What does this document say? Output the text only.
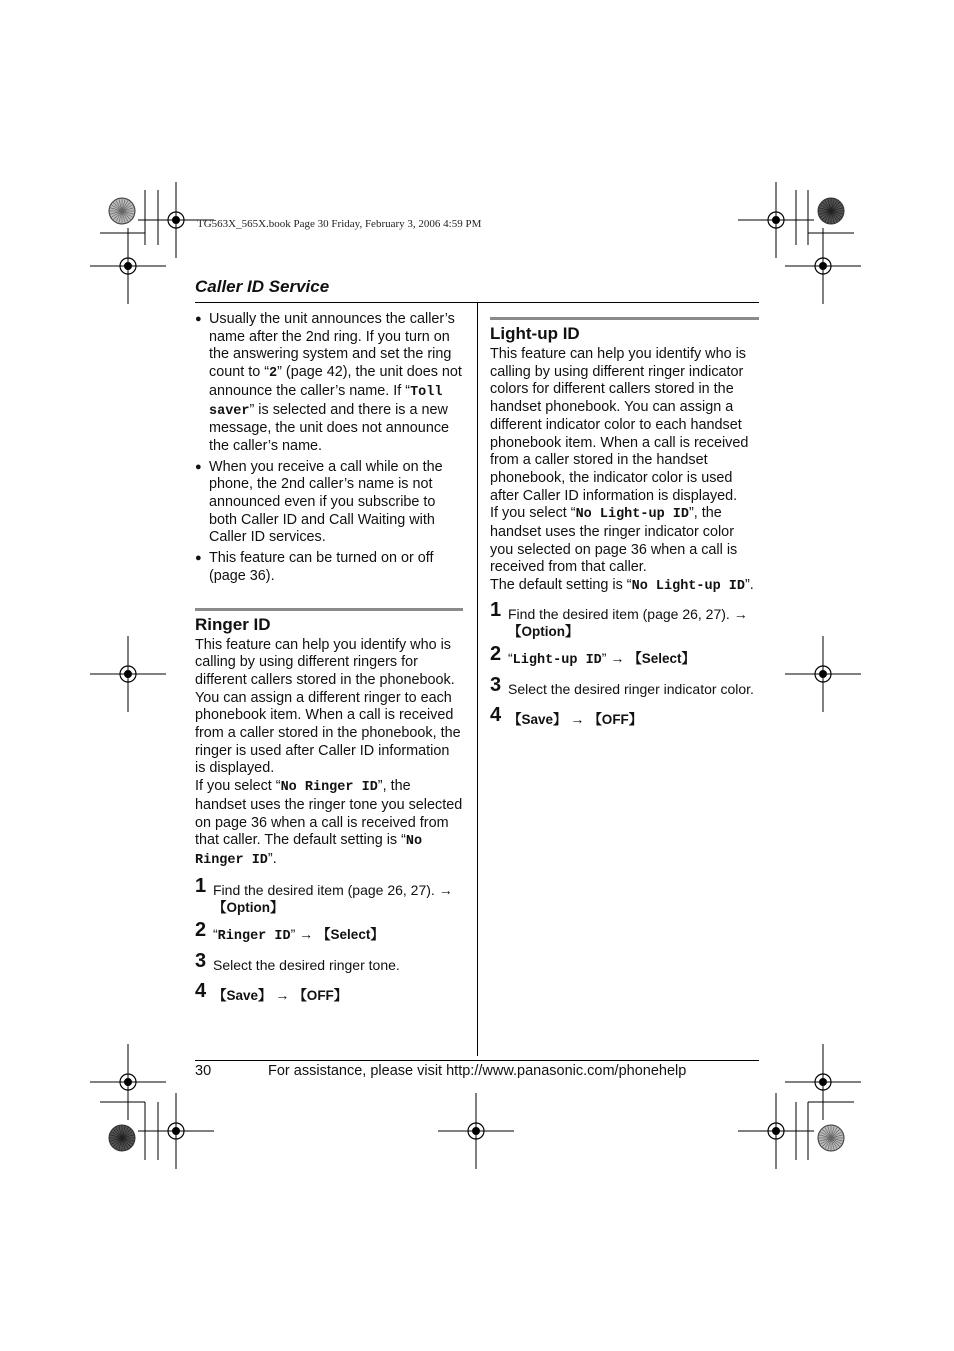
TG563X_565X.book Page 30 Friday, February 3, 2006 4:59 PM
Caller ID Service
● Usually the unit announces the caller’s name after the 2nd ring. If you turn on the answering system and set the ring count to “2” (page 42), the unit does not announce the caller’s name. If “Toll saver” is selected and there is a new message, the unit does not announce the caller’s name.
● When you receive a call while on the phone, the 2nd caller’s name is not announced even if you subscribe to both Caller ID and Call Waiting with Caller ID services.
● This feature can be turned on or off (page 36).
Ringer ID

This feature can help you identify who is calling by using different ringers for different callers stored in the phonebook. You can assign a different ringer to each phonebook item. When a call is received from a caller stored in the phonebook, the ringer is used after Caller ID information is displayed.

If you select “No Ringer ID”, the handset uses the ringer tone you selected on page 36 when a call is received from that caller. The default setting is “No Ringer ID”.

1 Find the desired item (page 26, 27). →
【Option】
2 “Ringer ID” → 【Select】
3 Select the desired ringer tone.
4 【Save】 → 【OFF】
Light-up ID

This feature can help you identify who is calling by using different ringer indicator colors for different callers stored in the handset phonebook. You can assign a different indicator color to each handset phonebook item. When a call is received from a caller stored in the handset phonebook, the indicator color is used after Caller ID information is displayed.

If you select “No Light-up ID”, the handset uses the ringer indicator color you selected on page 36 when a call is received from that caller.

The default setting is “No Light-up ID”.

1 Find the desired item (page 26, 27). →
【Option】
2 “Light-up ID” → 【Select】
3 Select the desired ringer indicator color.
4 【Save】 → 【OFF】
30	For assistance, please visit http://www.panasonic.com/phonehelp
